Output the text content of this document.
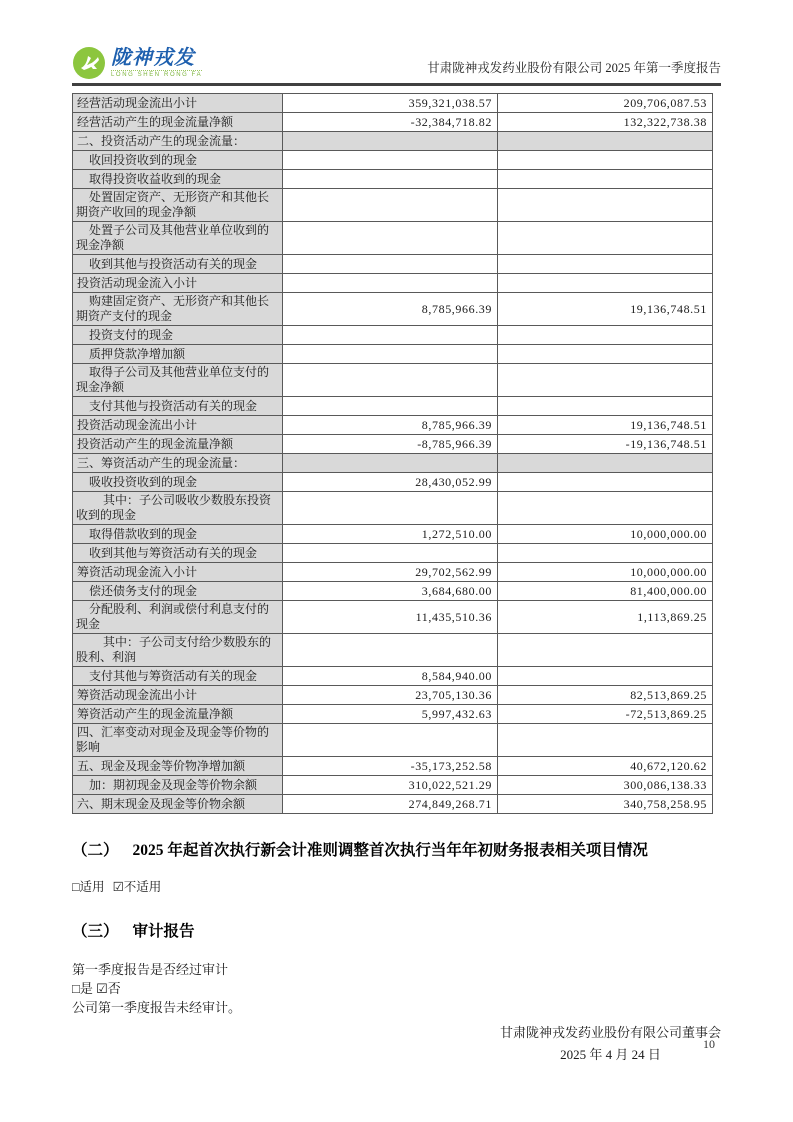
陇神戎发
LONG SHEN RONG FA	甘肃陇神戎发药业股份有限公司 2025 年第一季度报告
经营活动现金流出小计	359,321,038.57	209,706,087.53
经营活动产生的现金流量净额	-32,384,718.82	132,322,738.38
二、投资活动产生的现金流量：		
收回投资收到的现金		
取得投资收益收到的现金		
处置固定资产、无形资产和其他长期资产收回的现金净额		
处置子公司及其他营业单位收到的现金净额		
收到其他与投资活动有关的现金		
投资活动现金流入小计		
购建固定资产、无形资产和其他长期资产支付的现金	8,785,966.39	19,136,748.51
投资支付的现金		
质押贷款净增加额		
取得子公司及其他营业单位支付的现金净额		
支付其他与投资活动有关的现金		
投资活动现金流出小计	8,785,966.39	19,136,748.51
投资活动产生的现金流量净额	-8,785,966.39	-19,136,748.51
三、筹资活动产生的现金流量：		
吸收投资收到的现金	28,430,052.99	
其中：子公司吸收少数股东投资收到的现金		
取得借款收到的现金	1,272,510.00	10,000,000.00
收到其他与筹资活动有关的现金		
筹资活动现金流入小计	29,702,562.99	10,000,000.00
偿还债务支付的现金	3,684,680.00	81,400,000.00
分配股利、利润或偿付利息支付的现金	11,435,510.36	1,113,869.25
其中：子公司支付给少数股东的股利、利润		
支付其他与筹资活动有关的现金	8,584,940.00	
筹资活动现金流出小计	23,705,130.36	82,513,869.25
筹资活动产生的现金流量净额	5,997,432.63	-72,513,869.25
四、汇率变动对现金及现金等价物的影响		
五、现金及现金等价物净增加额	-35,173,252.58	40,672,120.62
加：期初现金及现金等价物余额	310,022,521.29	300,086,138.33
六、期末现金及现金等价物余额	274,849,268.71	340,758,258.95
（二） 2025 年起首次执行新会计准则调整首次执行当年年初财务报表相关项目情况
□适用 ☑不适用
（三） 审计报告
第一季度报告是否经过审计
□是 ☑否
公司第一季度报告未经审计。
甘肃陇神戎发药业股份有限公司董事会
2025 年 4 月 24 日
10
